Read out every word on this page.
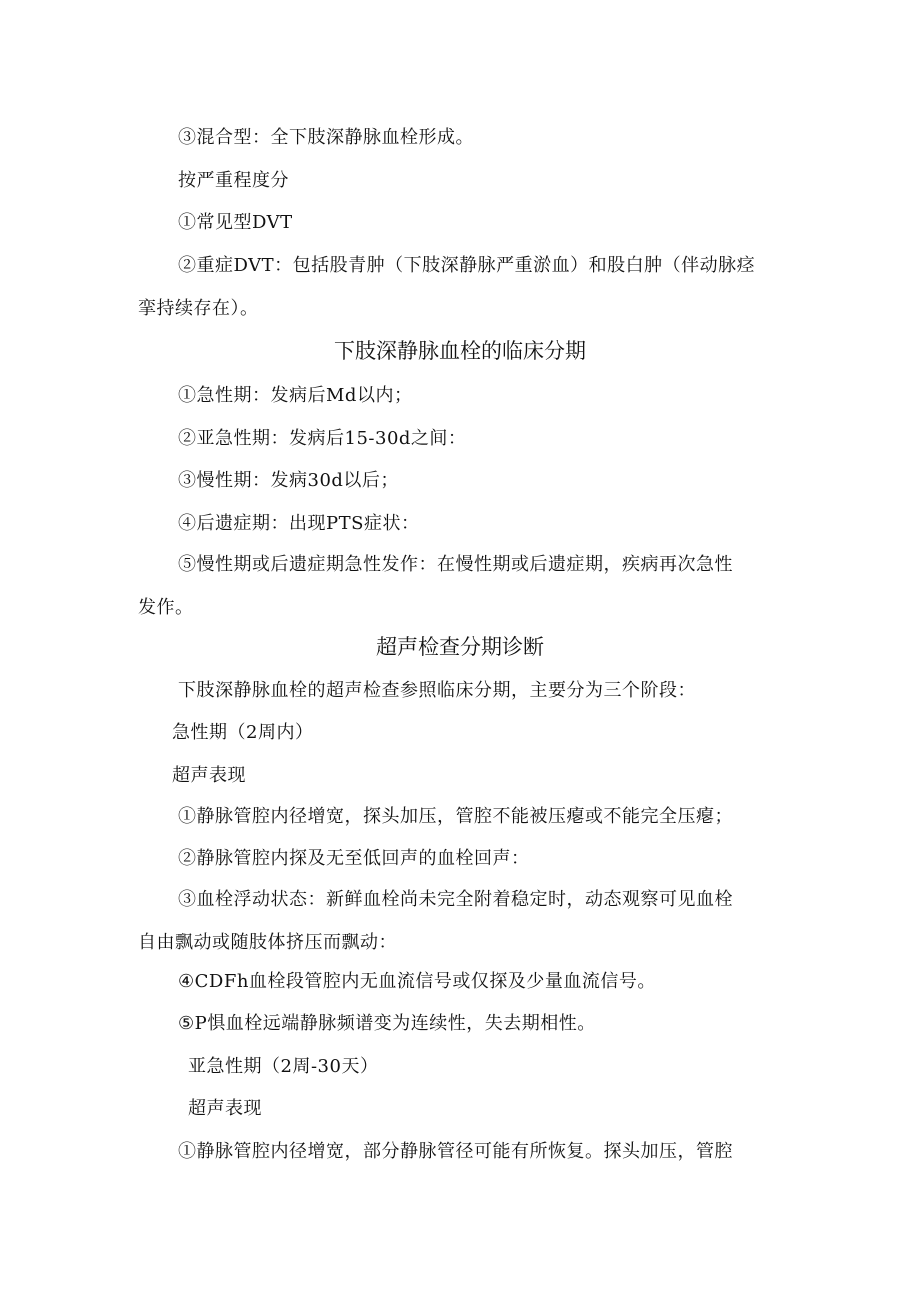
③混合型：全下肢深静脉血栓形成。
按严重程度分
①常见型DVT
②重症DVT：包括股青肿（下肢深静脉严重淤血）和股白肿（伴动脉痉
挛持续存在）。
下肢深静脉血栓的临床分期
①急性期：发病后Md以内；
②亚急性期：发病后15-30d之间：
③慢性期：发病30d以后；
④后遗症期：出现PTS症状：
⑤慢性期或后遗症期急性发作：在慢性期或后遗症期，疾病再次急性
发作。
超声检查分期诊断
下肢深静脉血栓的超声检查参照临床分期，主要分为三个阶段：
急性期（2周内）
超声表现
①静脉管腔内径增宽，探头加压，管腔不能被压瘪或不能完全压瘪；
②静脉管腔内探及无至低回声的血栓回声：
③血栓浮动状态：新鲜血栓尚未完全附着稳定时，动态观察可见血栓
自由飘动或随肢体挤压而飘动：
④CDFh血栓段管腔内无血流信号或仅探及少量血流信号。
⑤P惧血栓远端静脉频谱变为连续性，失去期相性。
亚急性期（2周-30天）
超声表现
①静脉管腔内径增宽，部分静脉管径可能有所恢复。探头加压，管腔
